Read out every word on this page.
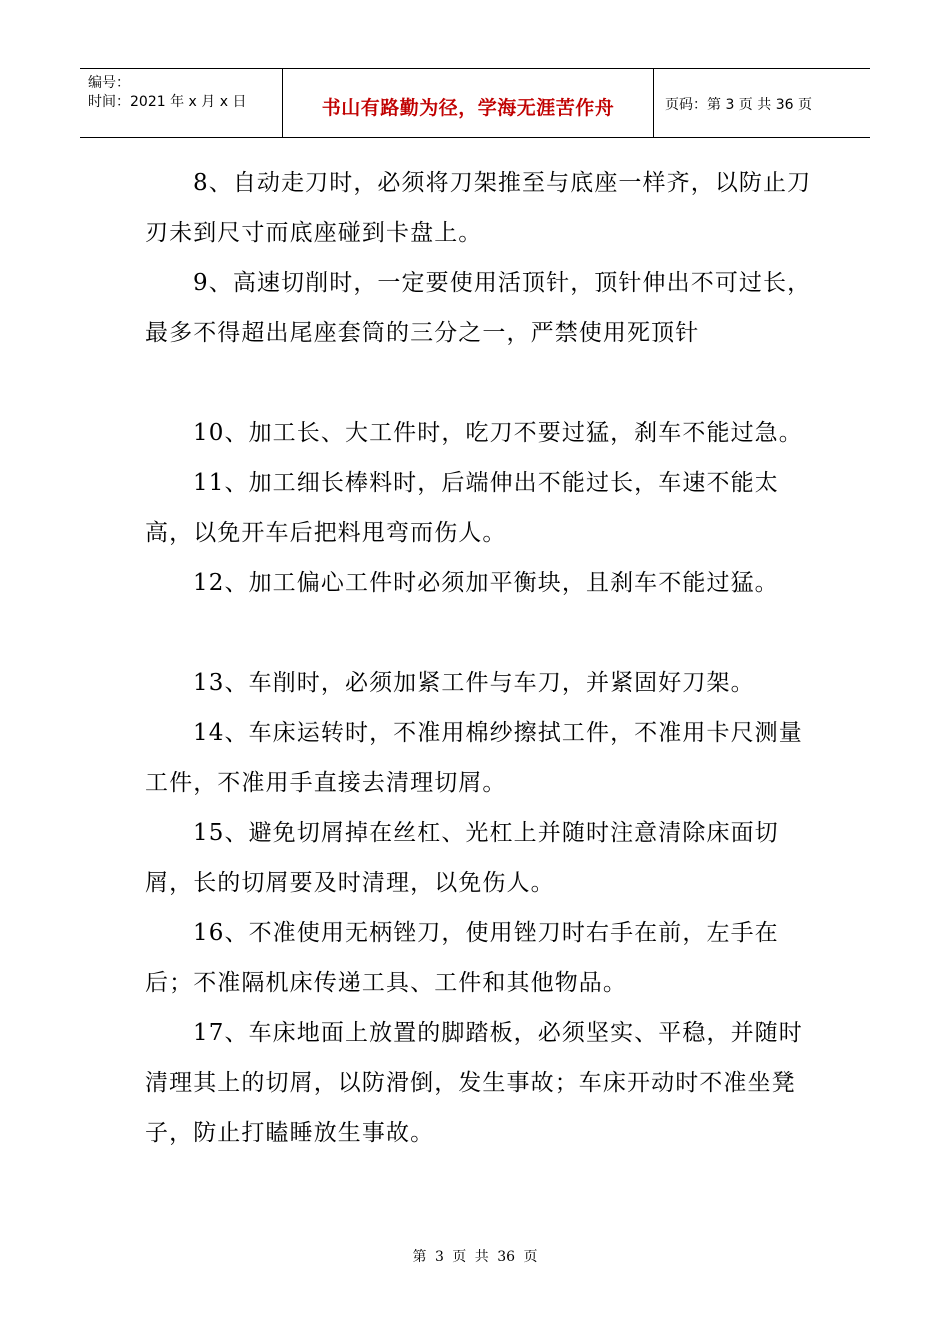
编号：
时间：2021 年 x 月 x 日	书山有路勤为径，学海无涯苦作舟	页码：第 3 页 共 36 页

8、自动走刀时，必须将刀架推至与底座一样齐，以防止刀刃未到尺寸而底座碰到卡盘上。

9、高速切削时，一定要使用活顶针，顶针伸出不可过长，最多不得超出尾座套筒的三分之一，严禁使用死顶针

10、加工长、大工件时，吃刀不要过猛，刹车不能过急。

11、加工细长棒料时，后端伸出不能过长，车速不能太高，以免开车后把料甩弯而伤人。

12、加工偏心工件时必须加平衡块，且刹车不能过猛。

13、车削时，必须加紧工件与车刀，并紧固好刀架。

14、车床运转时，不准用棉纱擦拭工件，不准用卡尺测量工件，不准用手直接去清理切屑。

15、避免切屑掉在丝杠、光杠上并随时注意清除床面切屑，长的切屑要及时清理，以免伤人。

16、不准使用无柄锉刀，使用锉刀时右手在前，左手在后；不准隔机床传递工具、工件和其他物品。

17、车床地面上放置的脚踏板，必须坚实、平稳，并随时清理其上的切屑，以防滑倒，发生事故；车床开动时不准坐凳子，防止打瞌睡放生事故。

第 3 页 共 36 页
